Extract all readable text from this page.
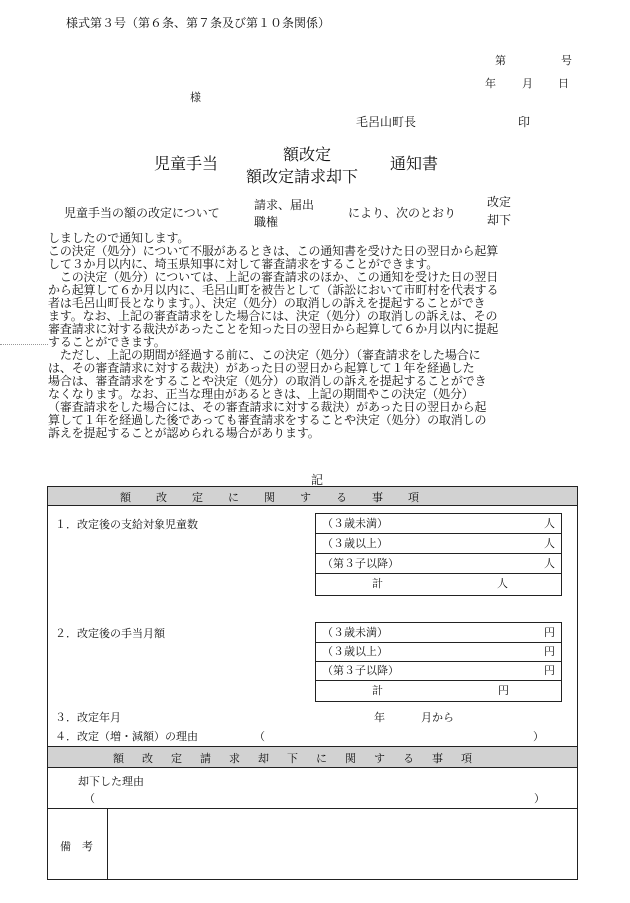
様式第３号（第６条、第７条及び第１０条関係）
第	号
年 月 日
様
毛呂山町長	印
児童手当	額改定
額改定請求却下
通知書
児童手当の額の改定について
請求、届出
職権
により、次のとおり
改定
却下
しましたので通知します。
この決定（処分）について不服があるときは、この通知書を受けた日の翌日から起算
して３か月以内に、埼玉県知事に対して審査請求をすることができます。
　この決定（処分）については、上記の審査請求のほか、この通知を受けた日の翌日
から起算して６か月以内に、毛呂山町を被告として（訴訟において市町村を代表する
者は毛呂山町長となります。）、決定（処分）の取消しの訴えを提起することができ
ます。なお、上記の審査請求をした場合には、決定（処分）の取消しの訴えは、その
審査請求に対する裁決があったことを知った日の翌日から起算して６か月以内に提起
することができます。
　ただし、上記の期間が経過する前に、この決定（処分）（審査請求をした場合に
は、その審査請求に対する裁決）があった日の翌日から起算して１年を経過した
場合は、審査請求をすることや決定（処分）の取消しの訴えを提起することができ
なくなります。なお、正当な理由があるときは、上記の期間やこの決定（処分）
（審査請求をした場合には、その審査請求に対する裁決）があった日の翌日から起
算して１年を経過した後であっても審査請求をすることや決定（処分）の取消しの
訴えを提起することが認められる場合があります。
記
額改定に関する事項
１．改定後の支給対象児童数	（３歳未満）	人
（３歳以上）	人
（第３子以降）	人
計	人
２．改定後の手当月額	（３歳未満）	円
（３歳以上）	円
（第３子以降）	円
計	円
３．改定年月	年	月から
４．改定（増・減額）の理由	（	）
額改定請求却下に関する事項
却下した理由
（	）
備　考
